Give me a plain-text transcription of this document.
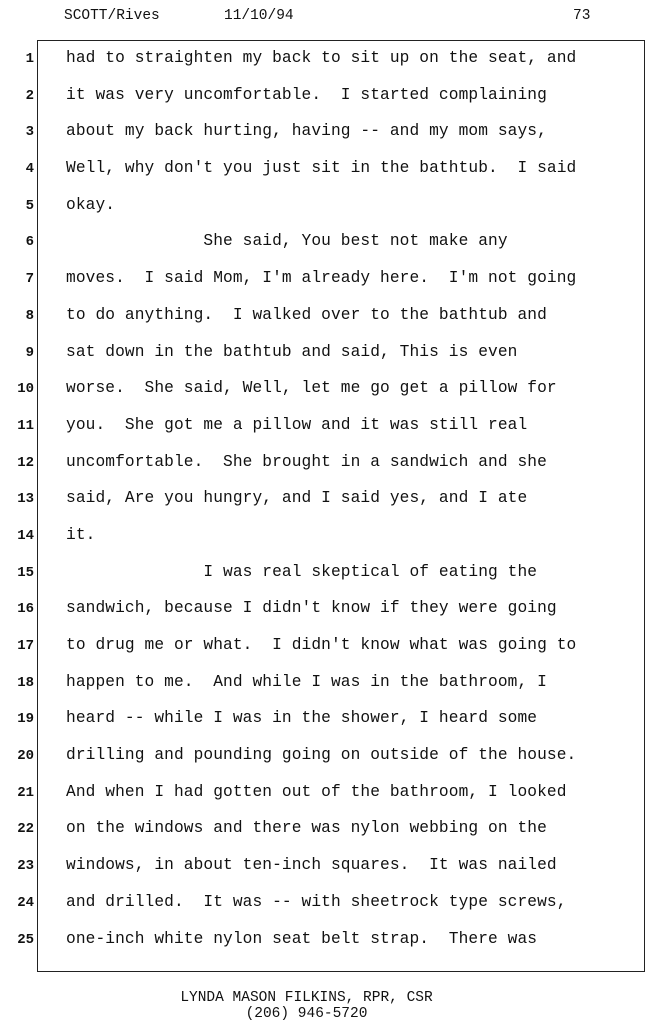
SCOTT/Rives	11/10/94	73
1 had to straighten my back to sit up on the seat, and
2 it was very uncomfortable.  I started complaining
3 about my back hurting, having -- and my mom says,
4 Well, why don't you just sit in the bathtub.  I said
5 okay.
6 She said, You best not make any
7 moves.  I said Mom, I'm already here.  I'm not going
8 to do anything.  I walked over to the bathtub and
9 sat down in the bathtub and said, This is even
10 worse.  She said, Well, let me go get a pillow for
11 you.  She got me a pillow and it was still real
12 uncomfortable.  She brought in a sandwich and she
13 said, Are you hungry, and I said yes, and I ate
14 it.
15 I was real skeptical of eating the
16 sandwich, because I didn't know if they were going
17 to drug me or what.  I didn't know what was going to
18 happen to me.  And while I was in the bathroom, I
19 heard -- while I was in the shower, I heard some
20 drilling and pounding going on outside of the house.
21 And when I had gotten out of the bathroom, I looked
22 on the windows and there was nylon webbing on the
23 windows, in about ten-inch squares.  It was nailed
24 and drilled.  It was -- with sheetrock type screws,
25 one-inch white nylon seat belt strap.  There was
LYNDA MASON FILKINS, RPR, CSR
(206) 946-5720
